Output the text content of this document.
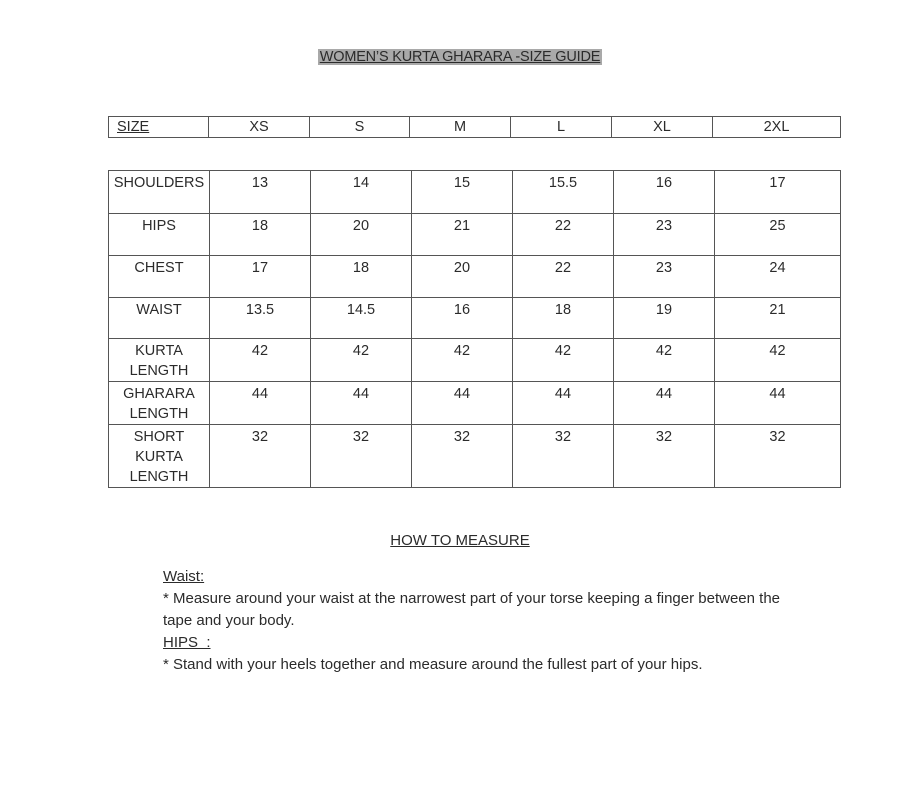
WOMEN’S KURTA GHARARA -SIZE GUIDE
SIZE	XS	S	M	L	XL	2XL
SHOULDERS	13	14	15	15.5	16	17
HIPS	18	20	21	22	23	25
CHEST	17	18	20	22	23	24
WAIST	13.5	14.5	16	18	19	21
KURTA LENGTH	42	42	42	42	42	42
GHARARA LENGTH	44	44	44	44	44	44
SHORT KURTA LENGTH	32	32	32	32	32	32
HOW TO MEASURE
Waist:
* Measure around your waist at the narrowest part of your torse keeping a finger between the tape and your body.
HIPS  :
* Stand with your heels together and measure around the fullest part of your hips.
